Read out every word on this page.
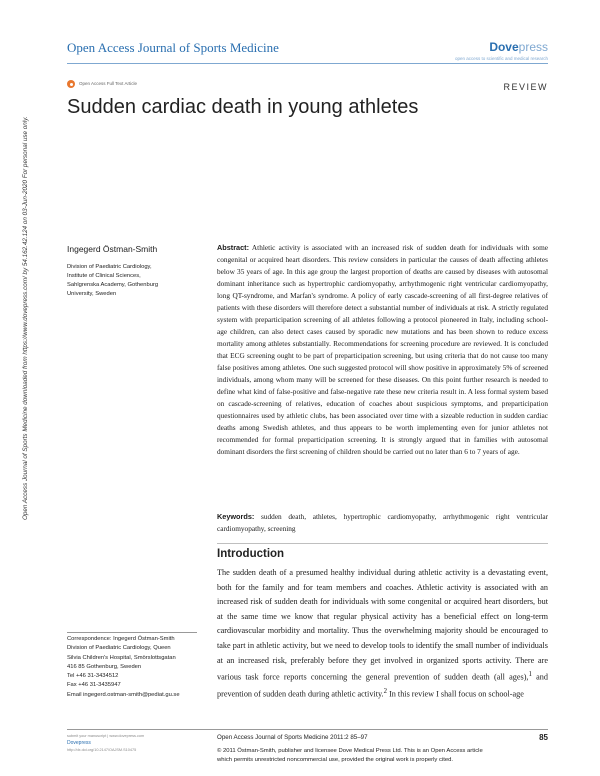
Open Access Journal of Sports Medicine	Dovepress
open access to scientific and medical research
Open Access Full Text Article	REVIEW
Sudden cardiac death in young athletes
Open Access Journal of Sports Medicine downloaded from https://www.dovepress.com/ by 54.162.42.124 on 03-Jun-2020 For personal use only.	Ingegerd Östman-Smith
Division of Paediatric Cardiology,
Institute of Clinical Sciences,
Sahlgrenska Academy, Gothenburg
University, Sweden

Abstract: Athletic activity is associated with an increased risk of sudden death for individuals with some congenital or acquired heart disorders. This review considers in particular the causes of death affecting athletes below 35 years of age. In this age group the largest proportion of deaths are caused by diseases with autosomal dominant inheritance such as hypertrophic cardiomyopathy, arrhythmogenic right ventricular cardiomyopathy, long QT-syndrome, and Marfan's syndrome. A policy of early cascade-screening of all first-degree relatives of patients with these disorders will therefore detect a substantial number of individuals at risk. A strictly regulated system with preparticipation screening of all athletes following a protocol pioneered in Italy, including school-age children, can also detect cases caused by sporadic new mutations and has been shown to reduce excess mortality among athletes substantially. Recommendations for screening procedure are reviewed. It is concluded that ECG screening ought to be part of preparticipation screening, but using criteria that do not cause too many false positives among athletes. One such suggested protocol will show positive in approximately 5% of screened individuals, among whom many will be screened for these diseases. On this point further research is needed to define what kind of false-positive and false-negative rate these new criteria result in. A less formal system based on cascade-screening of relatives, education of coaches about suspicious symptoms, and preparticipation questionnaires used by athletic clubs, has been associated over time with a sizeable reduction in sudden cardiac deaths among Swedish athletes, and thus appears to be worth implementing even for junior athletes not recommended for formal preparticipation screening. It is strongly argued that in families with autosomal dominant disorders the first screening of children should be carried out no later than 6 to 7 years of age.

Keywords: sudden death, athletes, hypertrophic cardiomyopathy, arrhythmogenic right ventricular cardiomyopathy, screening

Introduction

The sudden death of a presumed healthy individual during athletic activity is a devastating event, both for the family and for team members and coaches. Athletic activity is associated with an increased risk of sudden death for individuals with some congenital or acquired heart disorders, but at the same time we know that regular physical activity has a beneficial effect on long-term cardiovascular morbidity and mortality. Thus the overwhelming majority should be encouraged to take part in athletic activity, but we need to develop tools to identify the small number of individuals at an increased risk, preferably before they get involved in organized sports activity. There are various task force reports concerning the general prevention of sudden death (all ages),$^1$ and prevention of sudden death during athletic activity.$^2$ In this review I shall focus on school-age

Correspondence: Ingegerd Östman-Smith
Division of Paediatric Cardiology, Queen
Silvia Children's Hospital, Smörslottsgatan
416 85 Gothenburg, Sweden
Tel +46 31-3434512
Fax +46 31-3435947
Email ingegerd.ostman-smith@pediat.gu.se
submit your manuscript | www.dovepress.com
Dovepress
http://dx.doi.org/10.2147/OAJSM.S10475
Open Access Journal of Sports Medicine 2011:2 85–97	85
© 2011 Östman-Smith, publisher and licensee Dove Medical Press Ltd. This is an Open Access article
which permits unrestricted noncommercial use, provided the original work is properly cited.
